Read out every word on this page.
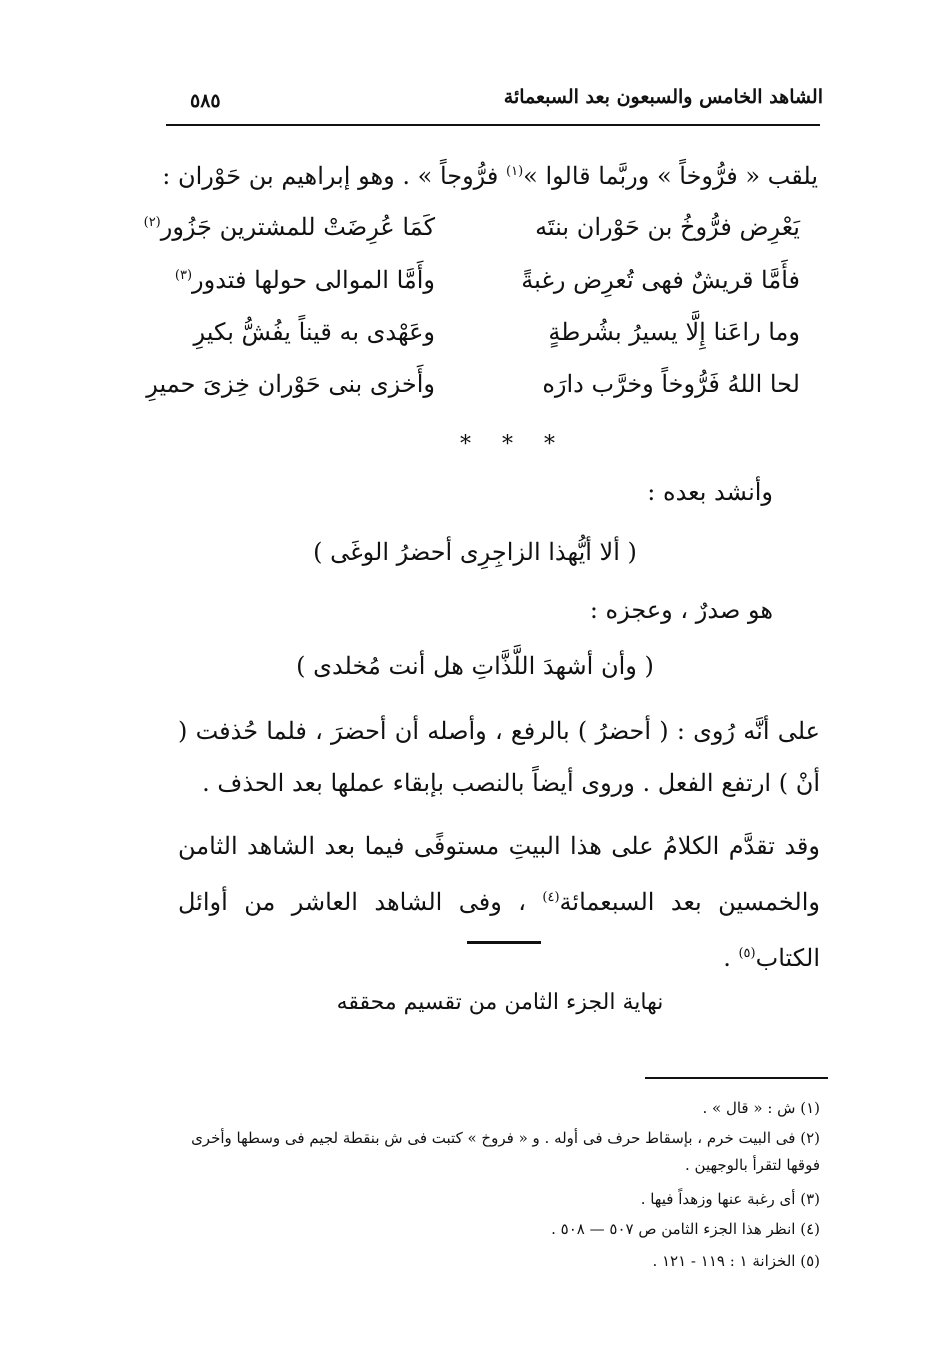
الشاهد الخامس والسبعون بعد السبعمائة
٥٨٥
يلقب « فرُّوخاً » وربَّما قالوا »$^{(١)}$ فرُّوجاً » . وهو إبراهيم بن حَوْران :
يَعْرِض فرُّوخُ بن حَوْران بنتَه
كَمَا عُرِضَتْ للمشترين جَزُور$^{(٢)}$
فأَمَّا قريشٌ فهى تُعرِض رغبةً
وأَمَّا الموالى حولها فتدور$^{(٣)}$
وما راعَنا إِلَّا يسيرُ بشُرطةٍ
وعَهْدى به قيناً يفُشُّ بكيرِ
لحا اللهُ فَرُّوخاً وخرَّب دارَه
وأَخزى بنى حَوْران خِزىَ حميرِ
* * *
وأنشد بعده :
( ألا أيُّهذا الزاجِرِى أحضرُ الوغَى )
هو صدرٌ ، وعجزه :
( وأن أشهدَ اللَّذَّاتِ هل أنت مُخلدى )
على أنَّه رُوى : ( أحضرُ ) بالرفع ، وأصله أن أحضرَ ، فلما حُذفت ( أنْ ) ارتفع الفعل . وروى أيضاً بالنصب بإبقاء عملها بعد الحذف .
وقد تقدَّم الكلامُ على هذا البيتِ مستوفًى فيما بعد الشاهد الثامن والخمسين بعد السبعمائة$^{(٤)}$ ، وفى الشاهد العاشر من أوائل الكتاب$^{(٥)}$ .
نهاية الجزء الثامن من تقسيم محققه
(١) ش : « قال » .
(٢) فى البيت خرم ، بإسقاط حرف فى أوله . و « فروخ » كتبت فى ش بنقطة لجيم فى وسطها وأخرى فوقها لتقرأ بالوجهين .
(٣) أى رغبة عنها وزهداً فيها .
(٤) انظر هذا الجزء الثامن ص ٥٠٧ — ٥٠٨ .
(٥) الخزانة ١ : ١١٩ - ١٢١ .
